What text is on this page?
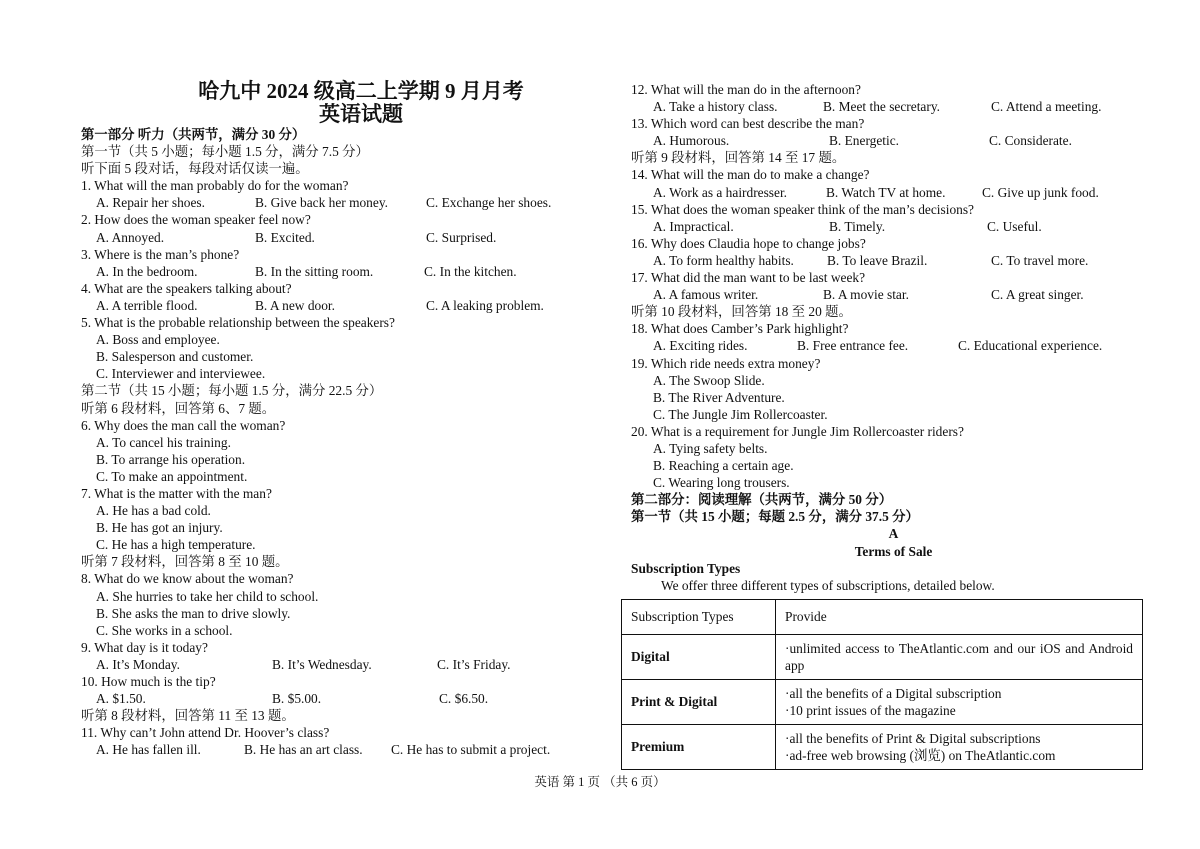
哈九中 2024 级高二上学期 9 月月考
英语试题
第一部分 听力（共两节，满分 30 分）
第一节（共 5 小题；每小题 1.5 分，满分 7.5 分）
听下面 5 段对话，每段对话仅读一遍。
1. What will the man probably do for the woman?
A. Repair her shoes.	B. Give back her money.	C. Exchange her shoes.
2. How does the woman speaker feel now?
A. Annoyed.	B. Excited.	C. Surprised.
3. Where is the man’s phone?
A. In the bedroom.	B. In the sitting room.	C. In the kitchen.
4. What are the speakers talking about?
A. A terrible flood.	B. A new door.	C. A leaking problem.
5. What is the probable relationship between the speakers?
A. Boss and employee.
B. Salesperson and customer.
C. Interviewer and interviewee.
第二节（共 15 小题；每小题 1.5 分，满分 22.5 分）
听第 6 段材料，回答第 6、7 题。
6. Why does the man call the woman?
A. To cancel his training.
B. To arrange his operation.
C. To make an appointment.
7. What is the matter with the man?
A. He has a bad cold.
B. He has got an injury.
C. He has a high temperature.
听第 7 段材料，回答第 8 至 10 题。
8. What do we know about the woman?
A. She hurries to take her child to school.
B. She asks the man to drive slowly.
C. She works in a school.
9. What day is it today?
A. It’s Monday.	B. It’s Wednesday.	C. It’s Friday.
10. How much is the tip?
A. $1.50.	B. $5.00.	C. $6.50.
听第 8 段材料，回答第 11 至 13 题。
11. Why can’t John attend Dr. Hoover’s class?
A. He has fallen ill.	B. He has an art class. C. He has to submit a project.
12. What will the man do in the afternoon?
A. Take a history class.	B. Meet the secretary.	C. Attend a meeting.
13. Which word can best describe the man?
A. Humorous.	B. Energetic.	C. Considerate.
听第 9 段材料，回答第 14 至 17 题。
14. What will the man do to make a change?
A. Work as a hairdresser.	B. Watch TV at home.	C. Give up junk food.
15. What does the woman speaker think of the man’s decisions?
A. Impractical.	B. Timely.	C. Useful.
16. Why does Claudia hope to change jobs?
A. To form healthy habits. B. To leave Brazil.	C. To travel more.
17. What did the man want to be last week?
A. A famous writer.	B. A movie star.	C. A great singer.
听第 10 段材料，回答第 18 至 20 题。
18. What does Camber’s Park highlight?
A. Exciting rides.	B. Free entrance fee.	C. Educational experience.
19. Which ride needs extra money?
A. The Swoop Slide.
B. The River Adventure.
C. The Jungle Jim Rollercoaster.
20. What is a requirement for Jungle Jim Rollercoaster riders?
A. Tying safety belts.
B. Reaching a certain age.
C. Wearing long trousers.
第二部分：阅读理解（共两节，满分 50 分）
第一节（共 15 小题；每题 2.5 分，满分 37.5 分）
A
Terms of Sale
Subscription Types
We offer three different types of subscriptions, detailed below.
Subscription Types	Provide
Digital	·unlimited access to TheAtlantic.com and our iOS and Android app

Print & Digital	·all the benefits of a Digital subscription
·10 print issues of the magazine

Premium	·all the benefits of Print & Digital subscriptions
·ad-free web browsing (浏览) on TheAtlantic.com
英语 第 1 页 （共 6 页）
